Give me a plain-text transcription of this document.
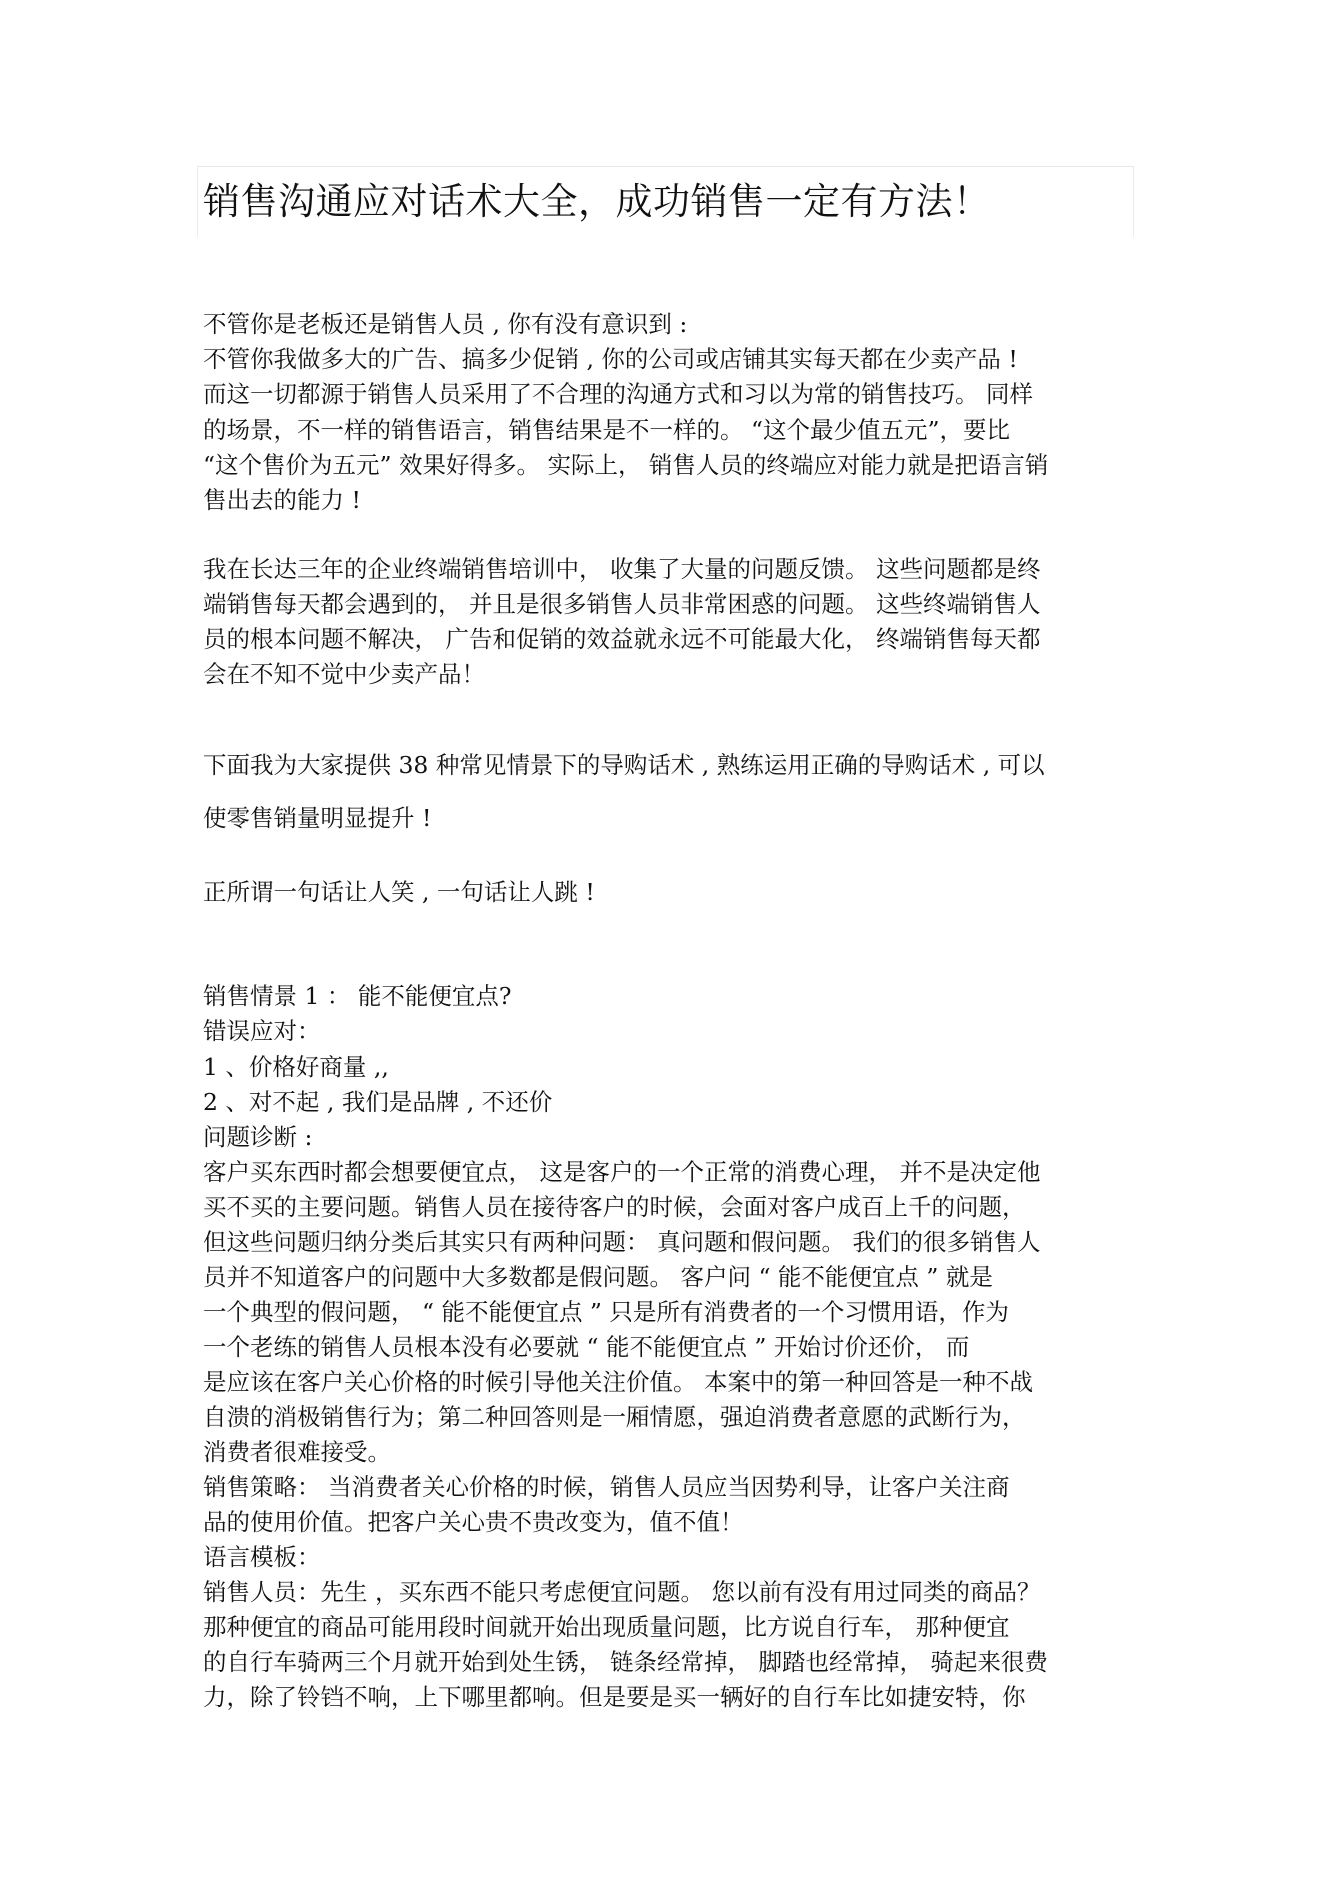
销售沟通应对话术大全，成功销售一定有方法！

不管你是老板还是销售人员 , 你有没有意识到 :

不管你我做多大的广告、搞多少促销 , 你的公司或店铺其实每天都在少卖产品 !

而这一切都源于销售人员采用了不合理的沟通方式和习以为常的销售技巧。 同样

的场景，不一样的销售语言，销售结果是不一样的。 “这个最少值五元”，要比

“这个售价为五元” 效果好得多。 实际上， 销售人员的终端应对能力就是把语言销

售出去的能力 !

我在长达三年的企业终端销售培训中， 收集了大量的问题反馈。 这些问题都是终

端销售每天都会遇到的， 并且是很多销售人员非常困惑的问题。 这些终端销售人

员的根本问题不解决， 广告和促销的效益就永远不可能最大化， 终端销售每天都

会在不知不觉中少卖产品！

下面我为大家提供 38 种常见情景下的导购话术 , 熟练运用正确的导购话术 , 可以

使零售销量明显提升 !

正所谓一句话让人笑 , 一句话让人跳 !

销售情景 1 ： 能不能便宜点?

错误应对：

1 、价格好商量 ,,

2 、对不起 , 我们是品牌 , 不还价

问题诊断 :

客户买东西时都会想要便宜点， 这是客户的一个正常的消费心理， 并不是决定他

买不买的主要问题。销售人员在接待客户的时候，会面对客户成百上千的问题，

但这些问题归纳分类后其实只有两种问题： 真问题和假问题。 我们的很多销售人

员并不知道客户的问题中大多数都是假问题。 客户问 “ 能不能便宜点 ” 就是

一个典型的假问题， “ 能不能便宜点 ” 只是所有消费者的一个习惯用语，作为

一个老练的销售人员根本没有必要就 “ 能不能便宜点 ” 开始讨价还价， 而

是应该在客户关心价格的时候引导他关注价值。 本案中的第一种回答是一种不战

自溃的消极销售行为；第二种回答则是一厢情愿，强迫消费者意愿的武断行为，

消费者很难接受。

销售策略： 当消费者关心价格的时候，销售人员应当因势利导，让客户关注商

品的使用价值。把客户关心贵不贵改变为，值不值！

语言模板：

销售人员：先生 ，买东西不能只考虑便宜问题。 您以前有没有用过同类的商品？

那种便宜的商品可能用段时间就开始出现质量问题，比方说自行车， 那种便宜

的自行车骑两三个月就开始到处生锈， 链条经常掉， 脚踏也经常掉， 骑起来很费

力，除了铃铛不响，上下哪里都响。但是要是买一辆好的自行车比如捷安特，你
